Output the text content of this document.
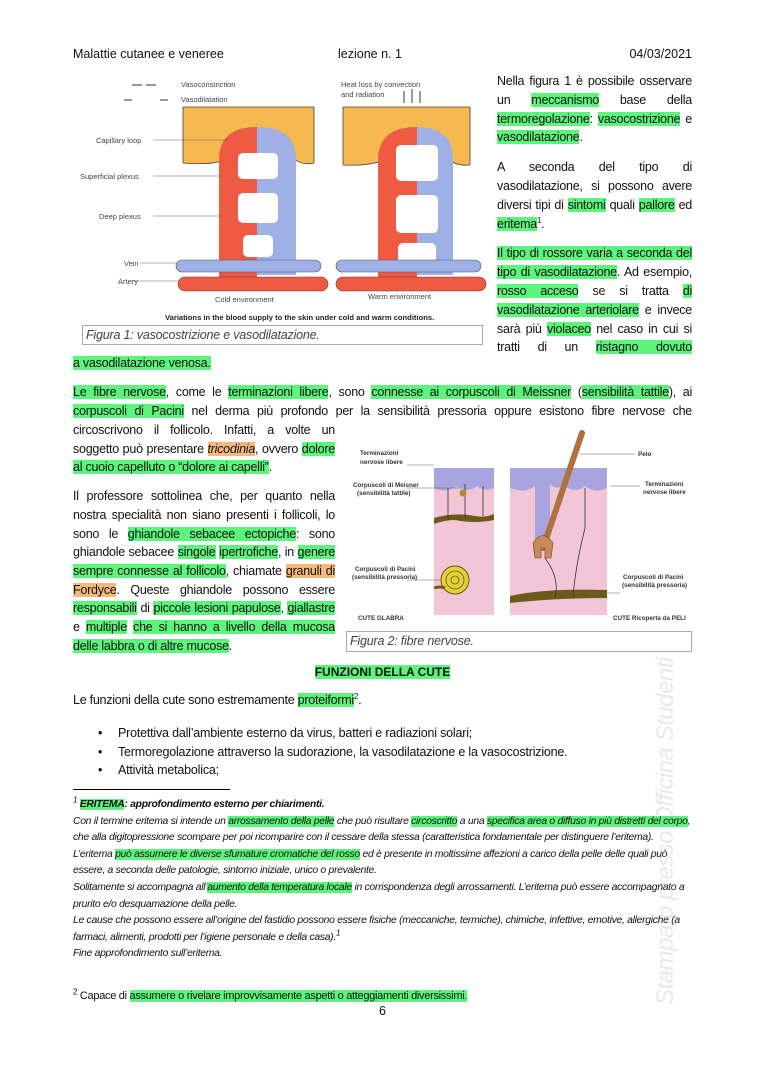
Malattie cutanee e veneree	lezione n. 1	04/03/2021
Vasoconstriction
Vasodilatation
Heat loss by convection
and radiation
Capillary loop
Superficial plexus
Deep plexus
Vein
Artery
Cold environment	Warm environment
Variations in the blood supply to the skin under cold and warm conditions.
Figura 1: vasocostrizione e vasodilatazione.

Nella figura 1 è possibile osservare un meccanismo base della termoregolazione: vasocostrizione e vasodilatazione.

A seconda del tipo di vasodilatazione, si possono avere diversi tipi di sintomi quali pallore ed eritema$^1$.

Il tipo di rossore varia a seconda del tipo di vasodilatazione. Ad esempio, rosso acceso se si tratta di vasodilatazione arteriolare e invece sarà più violaceo nel caso in cui si tratti di un ristagno dovuto

a vasodilatazione venosa.
Le fibre nervose, come le terminazioni libere, sono connesse ai corpuscoli di Meissner (sensibilità tattile), ai corpuscoli di Pacini nel derma più profondo per la sensibilità pressoria oppure esistono fibre nervose che

circoscrivono il follicolo. Infatti, a volte un soggetto può presentare tricodinia, ovvero dolore al cuoio capelluto o “dolore ai capelli”.

Il professore sottolinea che, per quanto nella nostra specialità non siano presenti i follicoli, lo sono le ghiandole sebacee ectopiche: sono ghiandole sebacee singole ipertrofiche, in genere sempre connesse al follicolo, chiamate granuli di Fordyce. Queste ghiandole possono essere responsabili di piccole lesioni papulose, giallastre e multiple che si hanno a livello della mucosa delle labbra o di altre mucose.

Terminazioni
nervose libere
Corpuscoli di Meisner
(sensibilità tattile)
Corpuscoli di Pacini
(sensibilità pressoria)
CUTE GLABRA
Pelo
Terminazioni
nervose libere
Corpuscoli di Pacini
(sensibilità pressoria)
CUTE Ricoperta da PELI
Figura 2: fibre nervose.
FUNZIONI DELLA CUTE
Le funzioni della cute sono estremamente proteiformi$^2$.
• Protettiva dall’ambiente esterno da virus, batteri e radiazioni solari;
• Termoregolazione attraverso la sudorazione, la vasodilatazione e la vasocostrizione.
• Attività metabolica;
$^1$ ERITEMA: approfondimento esterno per chiarimenti.
Con il termine eritema si intende un arrossamento della pelle che può risultare circoscritto a una specifica area o diffuso in più distretti del corpo, che alla digitopressione scompare per poi ricomparire con il cessare della stessa (caratteristica fondamentale per distinguere l’eritema).
L’eritema può assumere le diverse sfumature cromatiche del rosso ed è presente in moltissime affezioni a carico della pelle delle quali può essere, a seconda delle patologie, sintomo iniziale, unico o prevalente.
Solitamente si accompagna all’aumento della temperatura locale in corrispondenza degli arrossamenti. L’eritema può essere accompagnato a prurito e/o desquamazione della pelle.
Le cause che possono essere all’origine del fastidio possono essere fisiche (meccaniche, termiche), chimiche, infettive, emotive, allergiche (a farmaci, alimenti, prodotti per l’igiene personale e della casa).$^1$
Fine approfondimento sull’eritema.
$^2$ Capace di assumere o rivelare improvvisamente aspetti o atteggiamenti diversissimi.
6
Stampato presso Officina Studenti
